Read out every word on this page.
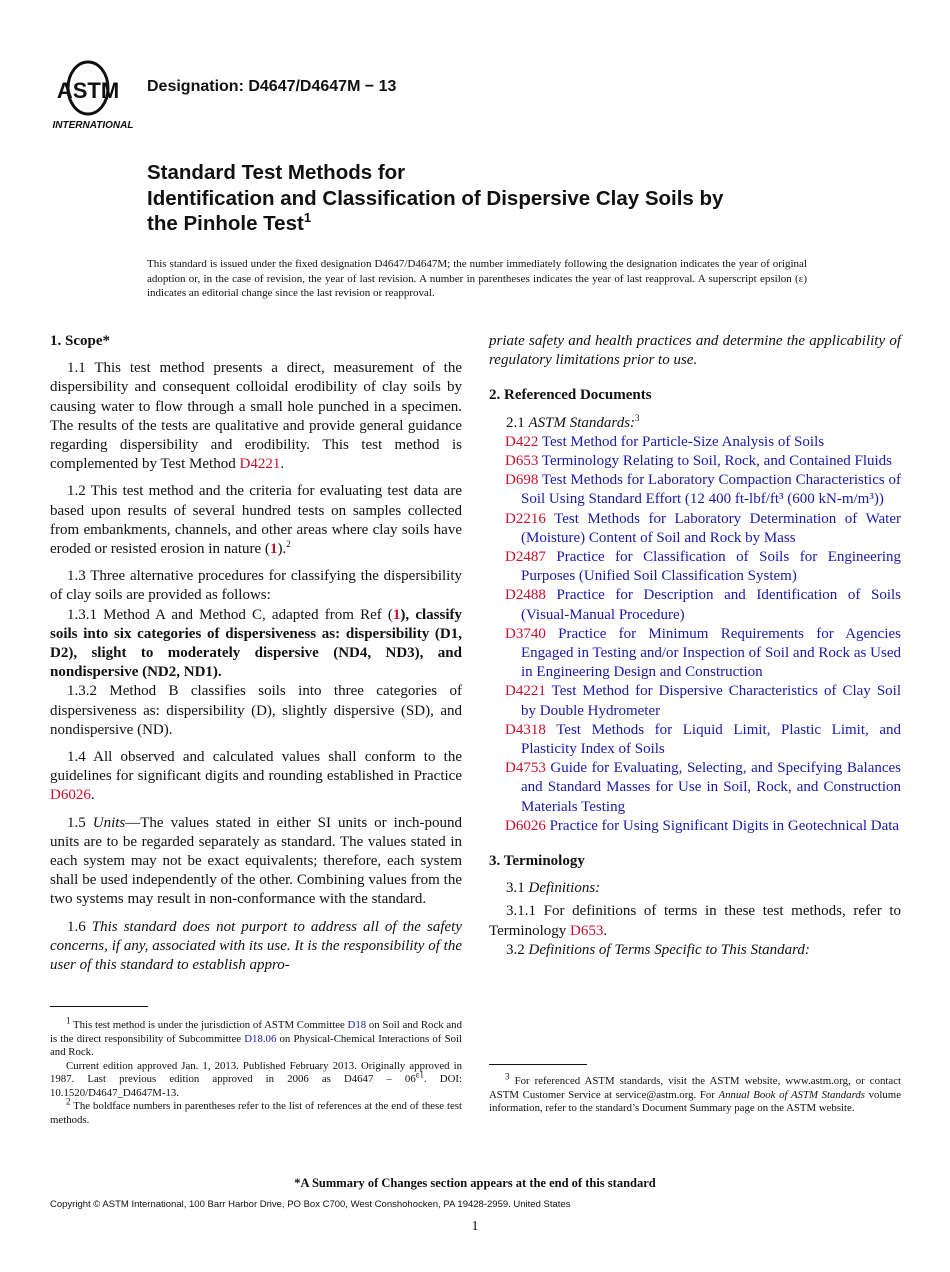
ASTM
INTERNATIONAL
Designation: D4647/D4647M − 13
Standard Test Methods for
Identification and Classification of Dispersive Clay Soils by
the Pinhole Test$^1$
This standard is issued under the fixed designation D4647/D4647M; the number immediately following the designation indicates the year of original adoption or, in the case of revision, the year of last revision. A number in parentheses indicates the year of last reapproval. A superscript epsilon (ε) indicates an editorial change since the last revision or reapproval.
1. Scope*

1.1 This test method presents a direct, measurement of the dispersibility and consequent colloidal erodibility of clay soils by causing water to flow through a small hole punched in a specimen. The results of the tests are qualitative and provide general guidance regarding dispersibility and erodibility. This test method is complemented by Test Method D4221.

1.2 This test method and the criteria for evaluating test data are based upon results of several hundred tests on samples collected from embankments, channels, and other areas where clay soils have eroded or resisted erosion in nature (1).$^2$

1.3 Three alternative procedures for classifying the dispersibility of clay soils are provided as follows:

1.3.1 Method A and Method C, adapted from Ref (1), classify soils into six categories of dispersiveness as: dispersibility (D1, D2), slight to moderately dispersive (ND4, ND3), and nondispersive (ND2, ND1).

1.3.2 Method B classifies soils into three categories of dispersiveness as: dispersibility (D), slightly dispersive (SD), and nondispersive (ND).

1.4 All observed and calculated values shall conform to the guidelines for significant digits and rounding established in Practice D6026.

1.5 Units—The values stated in either SI units or inch-pound units are to be regarded separately as standard. The values stated in each system may not be exact equivalents; therefore, each system shall be used independently of the other. Combining values from the two systems may result in non-conformance with the standard.

1.6 This standard does not purport to address all of the safety concerns, if any, associated with its use. It is the responsibility of the user of this standard to establish appro-

$^1$ This test method is under the jurisdiction of ASTM Committee D18 on Soil and Rock and is the direct responsibility of Subcommittee D18.06 on Physical-Chemical Interactions of Soil and Rock.

Current edition approved Jan. 1, 2013. Published February 2013. Originally approved in 1987. Last previous edition approved in 2006 as $D4647 - 06^{\varepsilon 1}$. DOI: 10.1520/D4647_D4647M-13.

$^2$ The boldface numbers in parentheses refer to the list of references at the end of these test methods.

priate safety and health practices and determine the applicability of regulatory limitations prior to use.

2. Referenced Documents

2.1 ASTM Standards:$^3$

D422 Test Method for Particle-Size Analysis of Soils

D653 Terminology Relating to Soil, Rock, and Contained Fluids

D698 Test Methods for Laboratory Compaction Characteristics of Soil Using Standard Effort (12 400 ft-lbf/ft³ (600 kN-m/m³))

D2216 Test Methods for Laboratory Determination of Water (Moisture) Content of Soil and Rock by Mass

D2487 Practice for Classification of Soils for Engineering Purposes (Unified Soil Classification System)

D2488 Practice for Description and Identification of Soils (Visual-Manual Procedure)

D3740 Practice for Minimum Requirements for Agencies Engaged in Testing and/or Inspection of Soil and Rock as Used in Engineering Design and Construction

D4221 Test Method for Dispersive Characteristics of Clay Soil by Double Hydrometer

D4318 Test Methods for Liquid Limit, Plastic Limit, and Plasticity Index of Soils

D4753 Guide for Evaluating, Selecting, and Specifying Balances and Standard Masses for Use in Soil, Rock, and Construction Materials Testing

D6026 Practice for Using Significant Digits in Geotechnical Data

3. Terminology

3.1 Definitions:

3.1.1 For definitions of terms in these test methods, refer to Terminology D653.

3.2 Definitions of Terms Specific to This Standard:

$^3$ For referenced ASTM standards, visit the ASTM website, www.astm.org, or contact ASTM Customer Service at service@astm.org. For Annual Book of ASTM Standards volume information, refer to the standard’s Document Summary page on the ASTM website.

*A Summary of Changes section appears at the end of this standard
Copyright © ASTM International, 100 Barr Harbor Drive, PO Box C700, West Conshohocken, PA 19428-2959. United States
1
